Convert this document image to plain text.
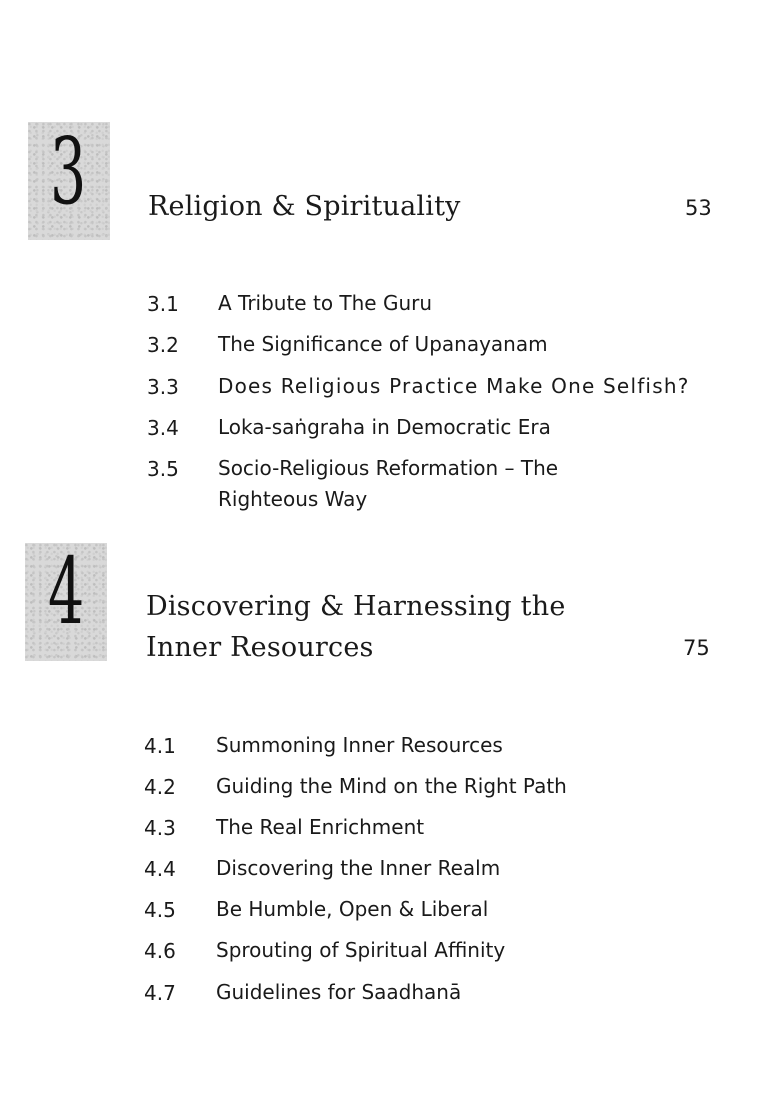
3 Religion & Spirituality	53
3.1 A Tribute to The Guru
3.2 The Significance of Upanayanam
3.3 Does Religious Practice Make One Selfish?
3.4 Loka-saṅgraha in Democratic Era
3.5 Socio-Religious Reformation – The
Righteous Way
4 Discovering & Harnessing the
Inner Resources	75
4.1 Summoning Inner Resources
4.2 Guiding the Mind on the Right Path
4.3 The Real Enrichment
4.4 Discovering the Inner Realm
4.5 Be Humble, Open & Liberal
4.6 Sprouting of Spiritual Affinity
4.7 Guidelines for Saadhanā
